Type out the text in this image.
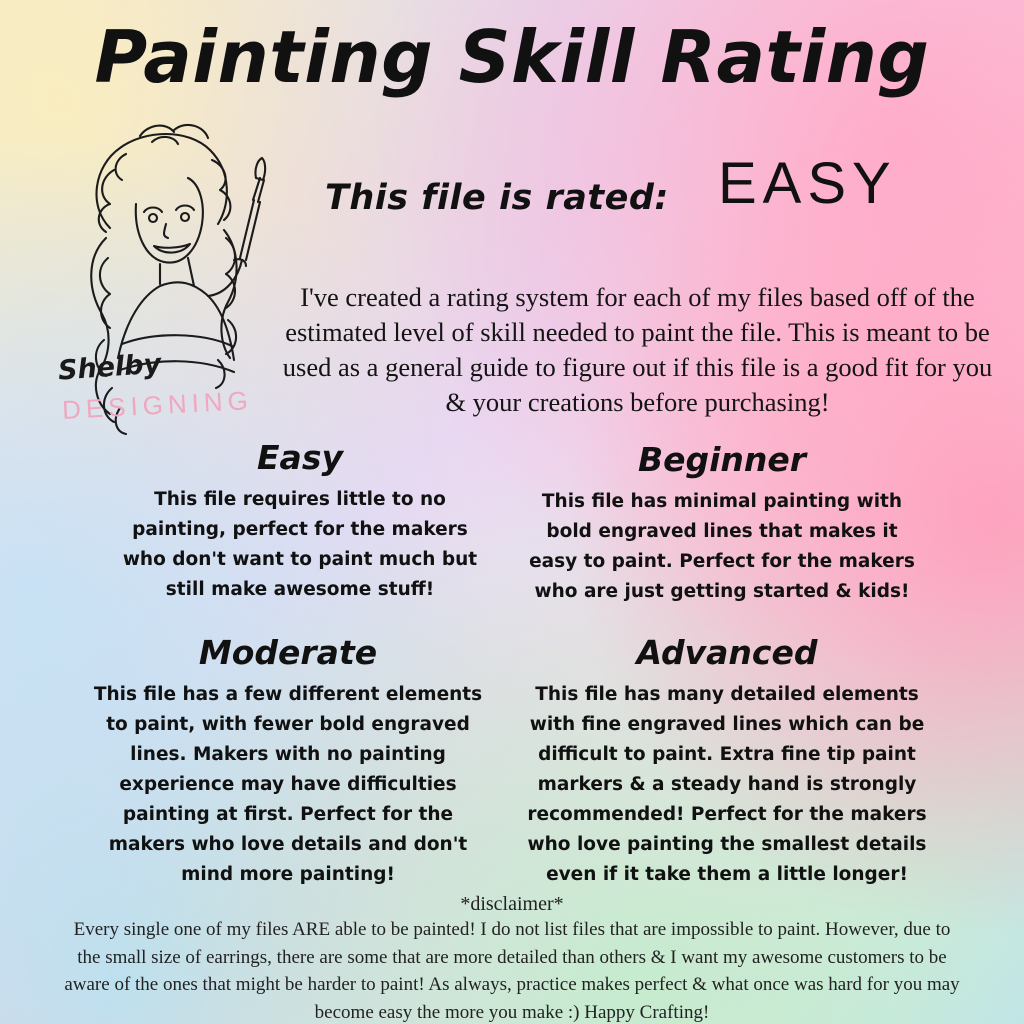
Painting Skill Rating
Shelby
DESIGNING
This file is rated: EASY
I've created a rating system for each of my files based off of the estimated level of skill needed to paint the file. This is meant to be used as a general guide to figure out if this file is a good fit for you & your creations before purchasing!
Easy
This file requires little to no painting, perfect for the makers who don't want to paint much but still make awesome stuff!
Beginner
This file has minimal painting with bold engraved lines that makes it easy to paint. Perfect for the makers who are just getting started & kids!
Moderate
This file has a few different elements to paint, with fewer bold engraved lines. Makers with no painting experience may have difficulties painting at first. Perfect for the makers who love details and don't mind more painting!
Advanced
This file has many detailed elements with fine engraved lines which can be difficult to paint. Extra fine tip paint markers & a steady hand is strongly recommended! Perfect for the makers who love painting the smallest details even if it take them a little longer!
*disclaimer*
Every single one of my files ARE able to be painted! I do not list files that are impossible to paint. However, due to the small size of earrings, there are some that are more detailed than others & I want my awesome customers to be aware of the ones that might be harder to paint! As always, practice makes perfect & what once was hard for you may become easy the more you make :) Happy Crafting!
